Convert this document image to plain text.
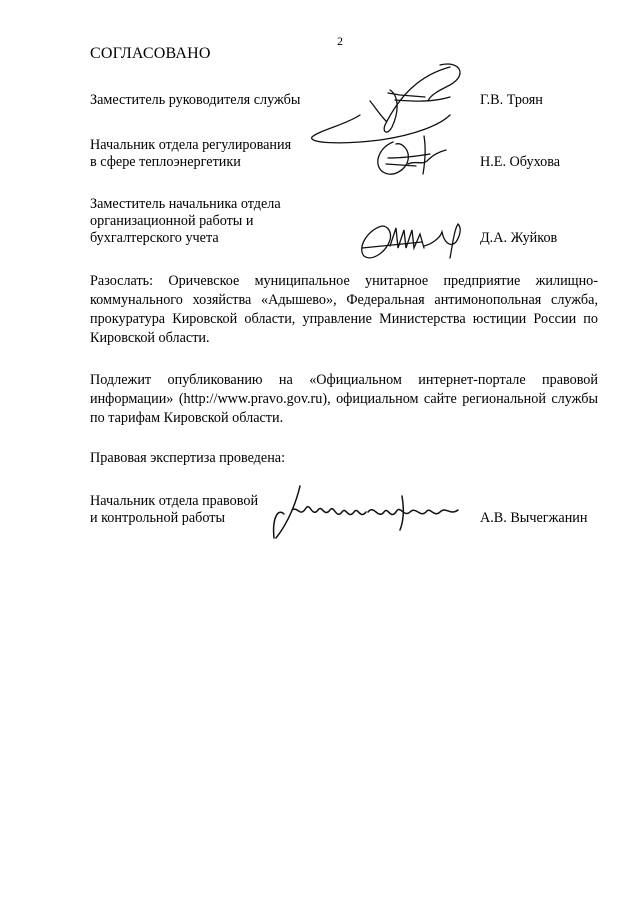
2
СОГЛАСОВАНО
Заместитель руководителя службы	Г.В. Троян
Начальник отдела регулирования
в сфере теплоэнергетики	Н.Е. Обухова
Заместитель начальника отдела
организационной работы и
бухгалтерского учета	Д.А. Жуйков
Разослать: Оричевское муниципальное унитарное предприятие жилищно-коммунального хозяйства «Адышево», Федеральная антимонопольная служба, прокуратура Кировской области, управление Министерства юстиции России по Кировской области.
Подлежит опубликованию на «Официальном интернет-портале правовой информации» (http://www.pravo.gov.ru), официальном сайте региональной службы по тарифам Кировской области.
Правовая экспертиза проведена:
Начальник отдела правовой
и контрольной работы	А.В. Вычегжанин
